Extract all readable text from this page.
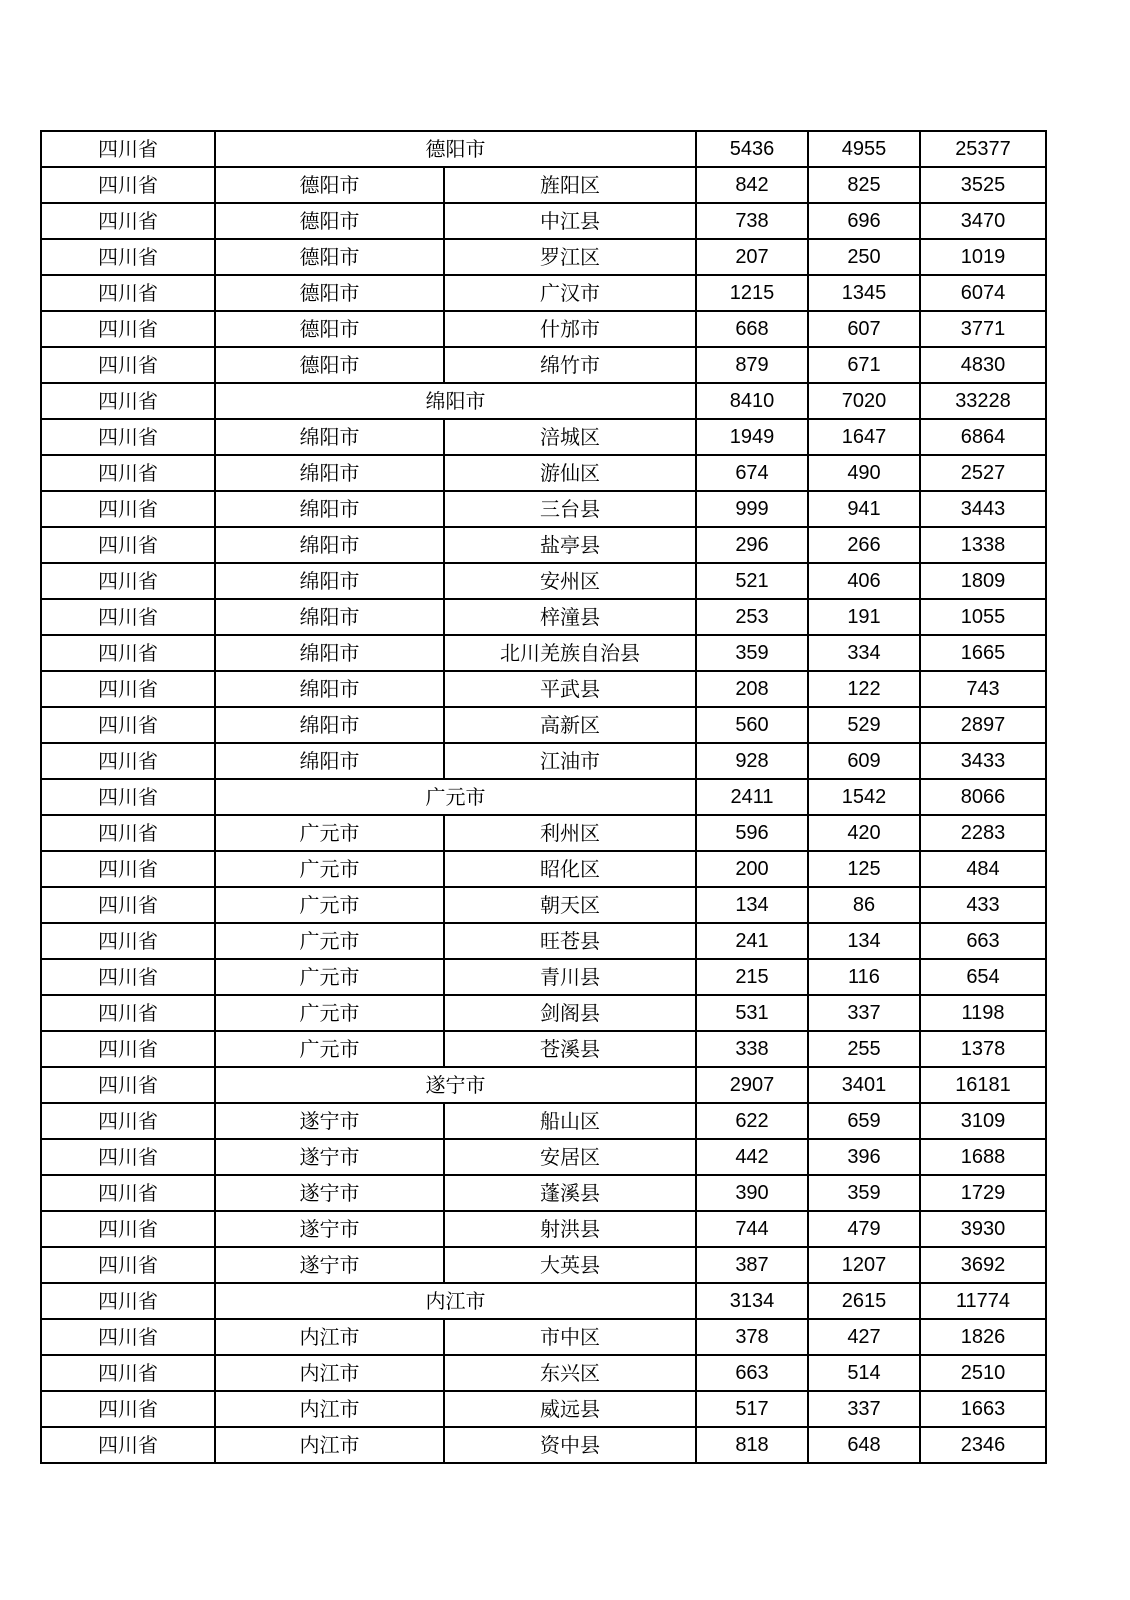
四川省	德阳市		5436	4955	25377
四川省	德阳市	旌阳区	842	825	3525
四川省	德阳市	中江县	738	696	3470
四川省	德阳市	罗江区	207	250	1019
四川省	德阳市	广汉市	1215	1345	6074
四川省	德阳市	什邡市	668	607	3771
四川省	德阳市	绵竹市	879	671	4830
四川省	绵阳市		8410	7020	33228
四川省	绵阳市	涪城区	1949	1647	6864
四川省	绵阳市	游仙区	674	490	2527
四川省	绵阳市	三台县	999	941	3443
四川省	绵阳市	盐亭县	296	266	1338
四川省	绵阳市	安州区	521	406	1809
四川省	绵阳市	梓潼县	253	191	1055
四川省	绵阳市	北川羌族自治县	359	334	1665
四川省	绵阳市	平武县	208	122	743
四川省	绵阳市	高新区	560	529	2897
四川省	绵阳市	江油市	928	609	3433
四川省	广元市		2411	1542	8066
四川省	广元市	利州区	596	420	2283
四川省	广元市	昭化区	200	125	484
四川省	广元市	朝天区	134	86	433
四川省	广元市	旺苍县	241	134	663
四川省	广元市	青川县	215	116	654
四川省	广元市	剑阁县	531	337	1198
四川省	广元市	苍溪县	338	255	1378
四川省	遂宁市		2907	3401	16181
四川省	遂宁市	船山区	622	659	3109
四川省	遂宁市	安居区	442	396	1688
四川省	遂宁市	蓬溪县	390	359	1729
四川省	遂宁市	射洪县	744	479	3930
四川省	遂宁市	大英县	387	1207	3692
四川省	内江市		3134	2615	11774
四川省	内江市	市中区	378	427	1826
四川省	内江市	东兴区	663	514	2510
四川省	内江市	威远县	517	337	1663
四川省	内江市	资中县	818	648	2346
